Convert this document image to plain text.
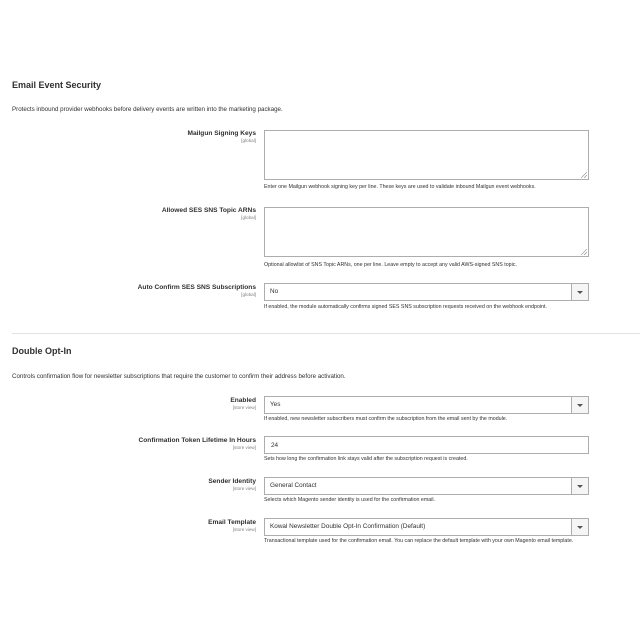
Email Event Security

Protects inbound provider webhooks before delivery events are written into the marketing package.

Mailgun Signing Keys
[global]
Enter one Mailgun webhook signing key per line. These keys are used to validate inbound Mailgun event webhooks.
Allowed SES SNS Topic ARNs
[global]
Optional allowlist of SNS Topic ARNs, one per line. Leave empty to accept any valid AWS-signed SNS topic.
Auto Confirm SES SNS Subscriptions
[global] No
If enabled, the module automatically confirms signed SES SNS subscription requests received on the webhook endpoint.
Double Opt-In

Controls confirmation flow for newsletter subscriptions that require the customer to confirm their address before activation.

Enabled
[store view] Yes
If enabled, new newsletter subscribers must confirm the subscription from the email sent by the module.
Confirmation Token Lifetime In Hours
[store view]
24
Sets how long the confirmation link stays valid after the subscription request is created.
Sender Identity
[store view] General Contact
Selects which Magento sender identity is used for the confirmation email.
Email Template
[store view] Kowal Newsletter Double Opt-In Confirmation (Default)
Transactional template used for the confirmation email. You can replace the default template with your own Magento email template.
